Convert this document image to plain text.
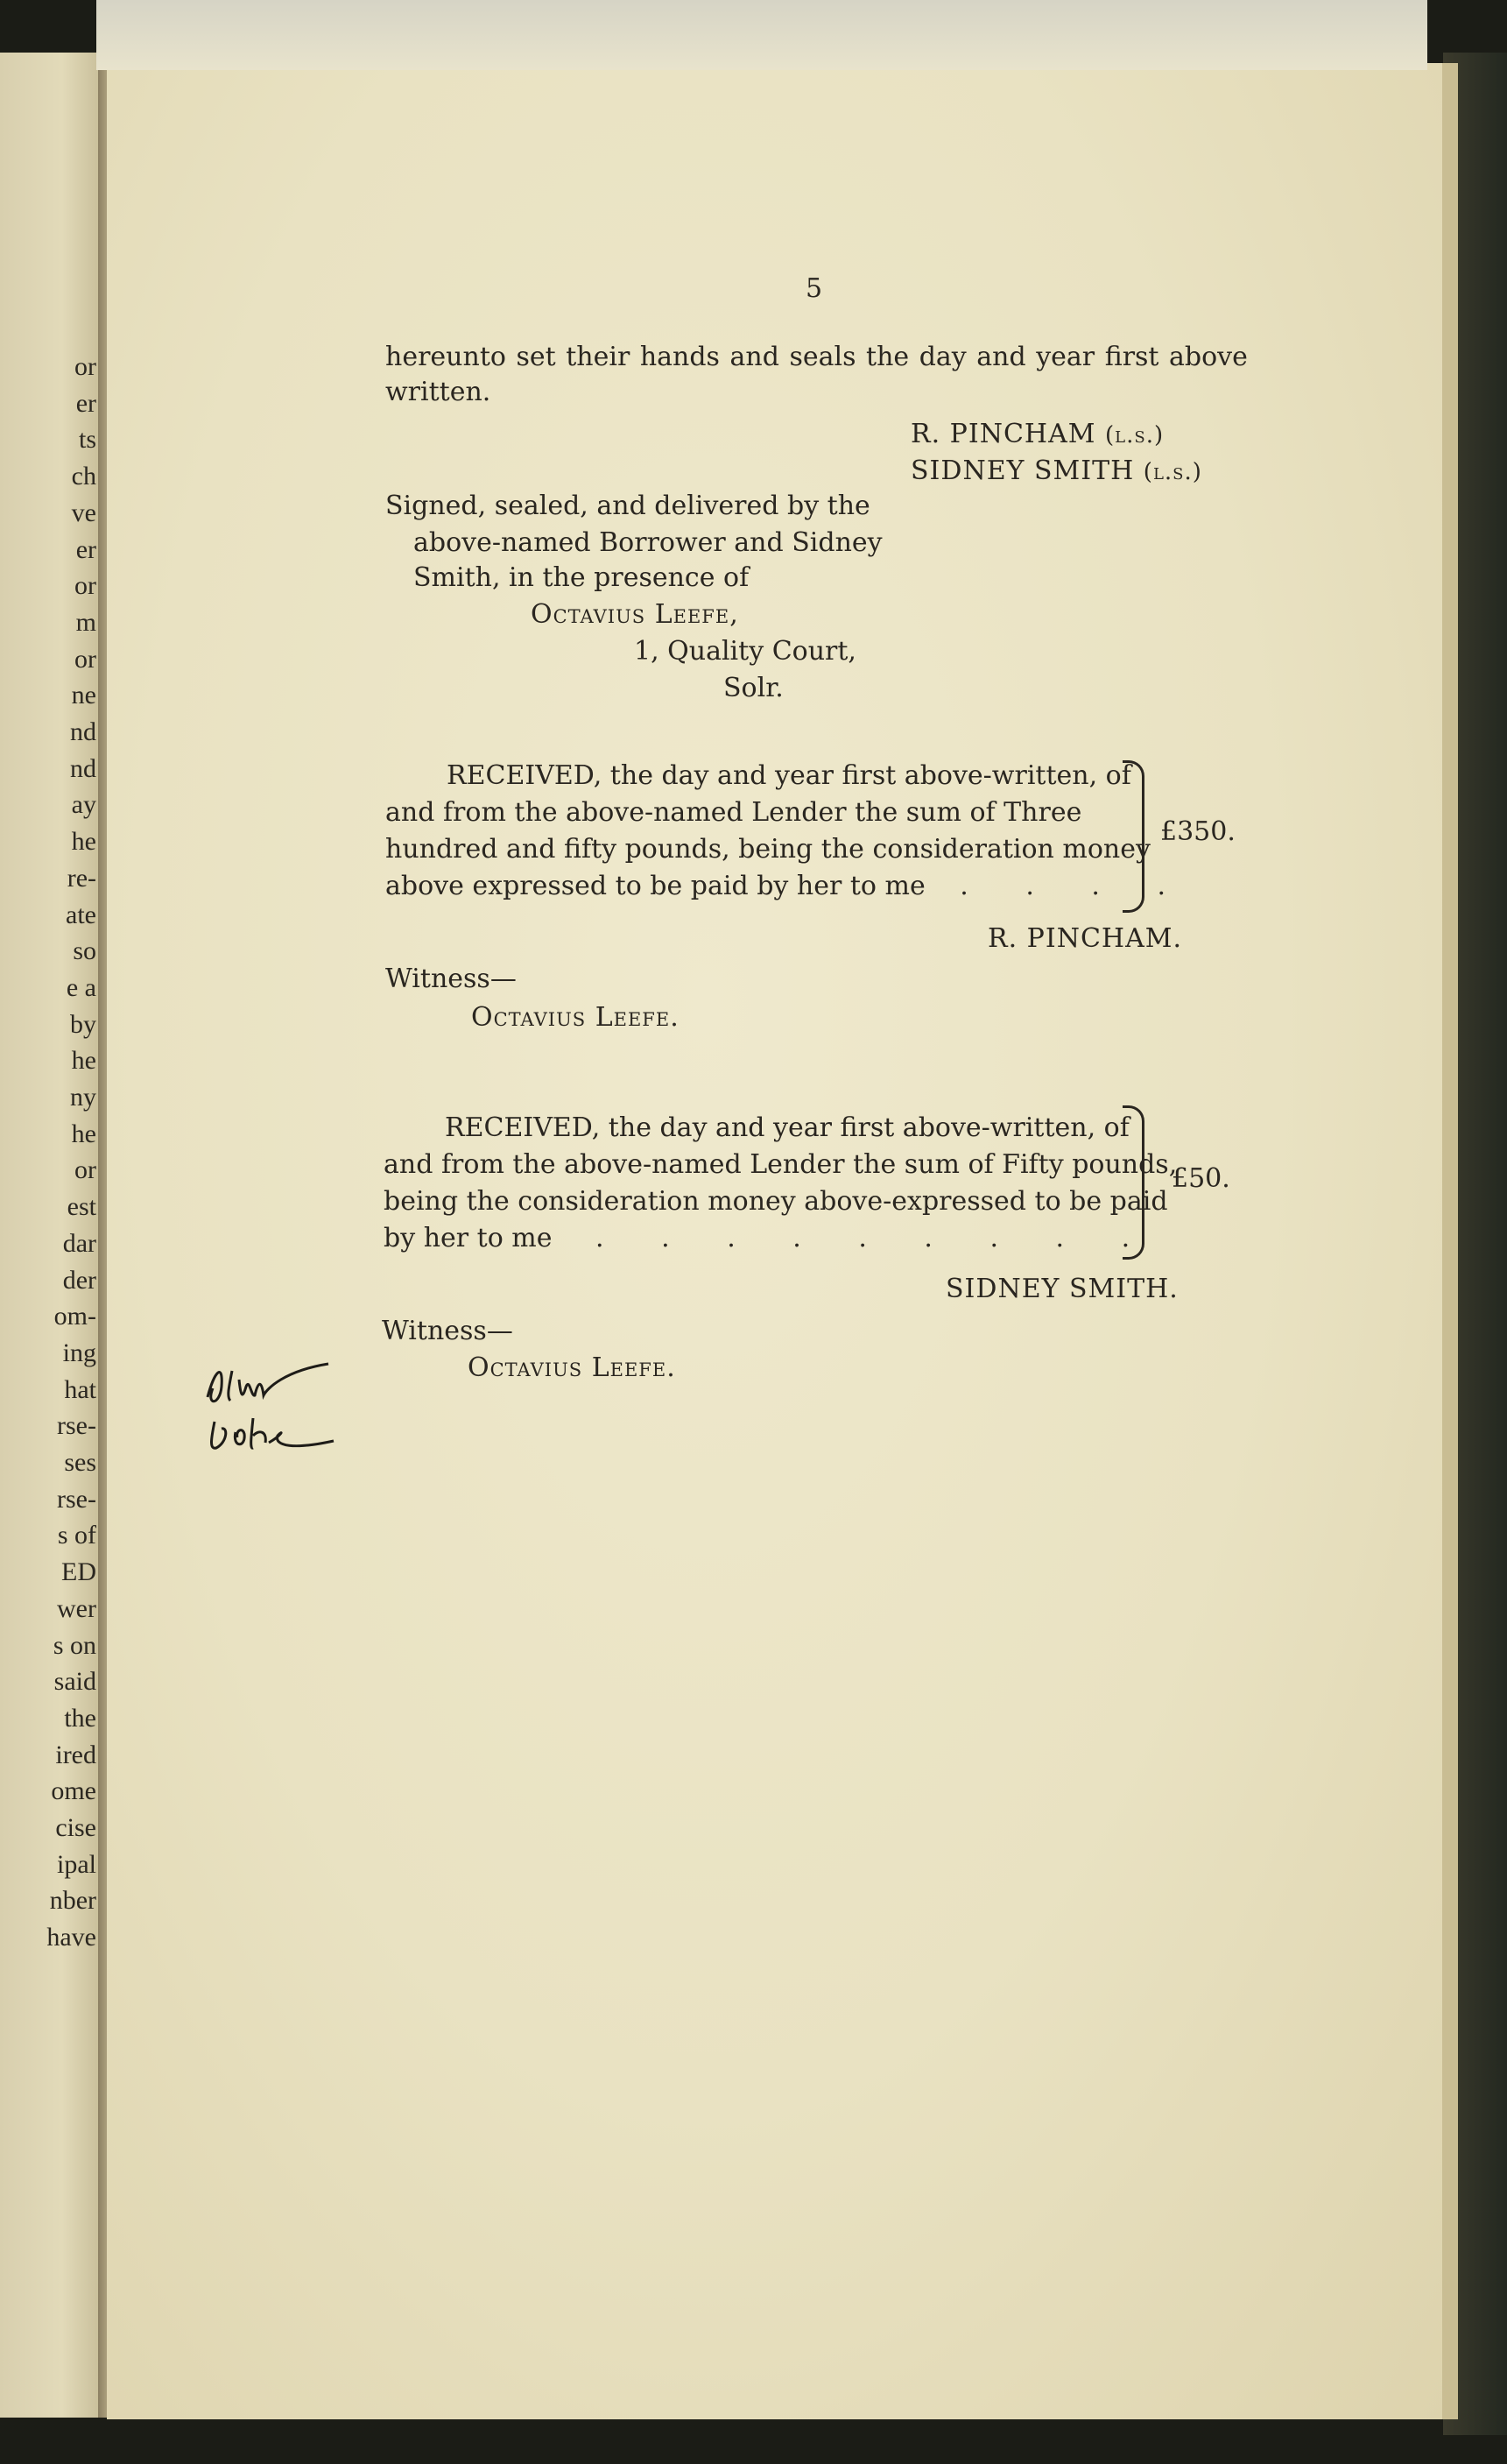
or
er
ts
ch
ve
er
or
m
or
ne
nd
nd
ay
he
re-
ate
so
e a
by
he
ny
he
or
est
dar
der
om-
ing
hat
rse-
ses
rse-
s of
ED
wer
s on
said
the
ired
ome
cise
ipal
nber
have
5
hereunto set their hands and seals the day and year first above
written.
R. PINCHAM (l.s.)
SIDNEY SMITH (l.s.)
Signed, sealed, and delivered by the
above-named Borrower and Sidney
Smith, in the presence of
Octavius Leefe,
1, Quality Court,
Solr.
RECEIVED, the day and year first above-written, of
and from the above-named Lender the sum of Three
hundred and fifty pounds, being the consideration money
above expressed to be paid by her to me . . . .
£350.
R. PINCHAM.
Witness—
Octavius Leefe.
RECEIVED, the day and year first above-written, of
and from the above-named Lender the sum of Fifty pounds,
being the consideration money above-expressed to be paid
by her to me . . . . . . . . .
£50.
SIDNEY SMITH.
Witness—
Octavius Leefe.
